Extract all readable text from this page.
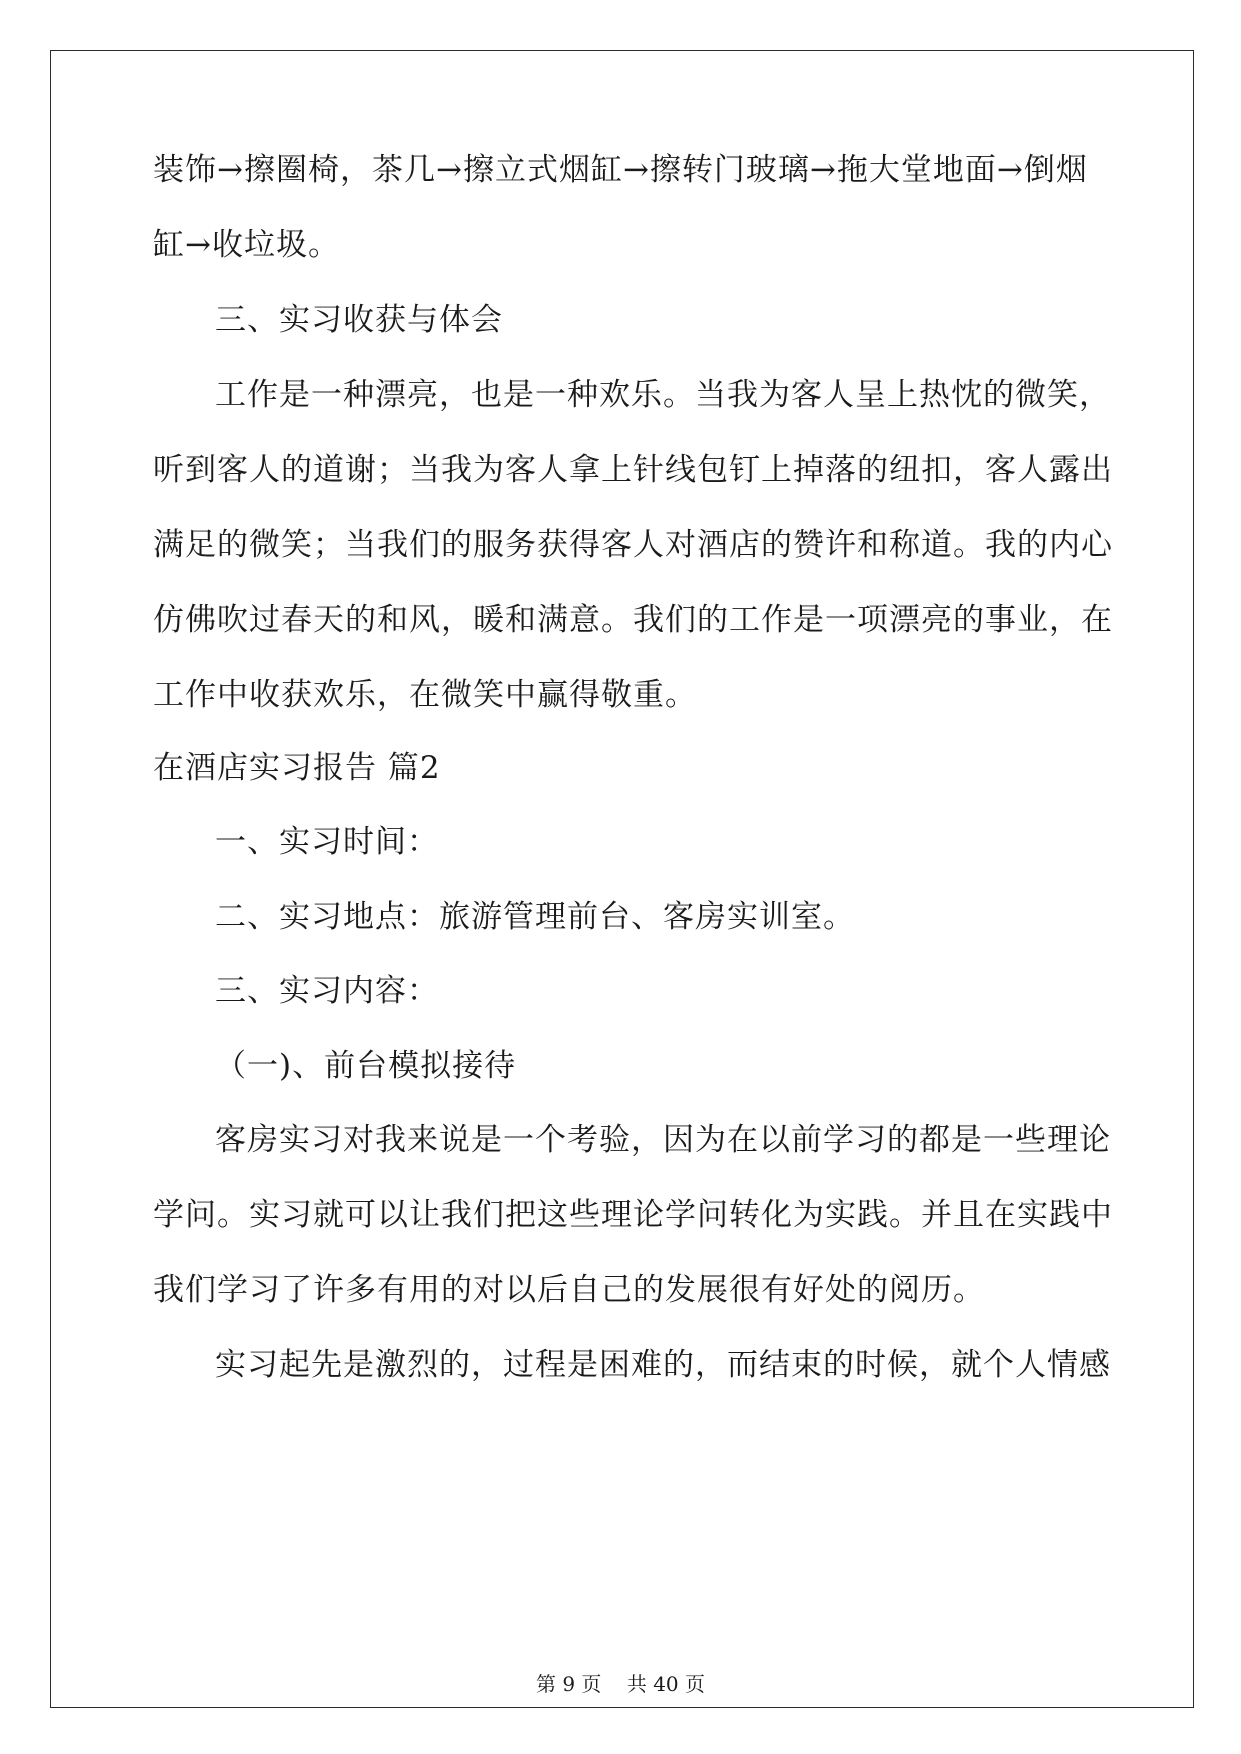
装饰→擦圈椅，茶几→擦立式烟缸→擦转门玻璃→拖大堂地面→倒烟
缸→收垃圾。
三、实习收获与体会
工作是一种漂亮，也是一种欢乐。当我为客人呈上热忱的微笑，
听到客人的道谢；当我为客人拿上针线包钉上掉落的纽扣，客人露出
满足的微笑；当我们的服务获得客人对酒店的赞许和称道。我的内心
仿佛吹过春天的和风，暖和满意。我们的工作是一项漂亮的事业，在
工作中收获欢乐，在微笑中赢得敬重。
在酒店实习报告 篇2
一、实习时间：
二、实习地点：旅游管理前台、客房实训室。
三、实习内容：
（一)、前台模拟接待
客房实习对我来说是一个考验，因为在以前学习的都是一些理论
学问。实习就可以让我们把这些理论学问转化为实践。并且在实践中
我们学习了许多有用的对以后自己的发展很有好处的阅历。
实习起先是激烈的，过程是困难的，而结束的时候，就个人情感
第 9 页    共 40 页
